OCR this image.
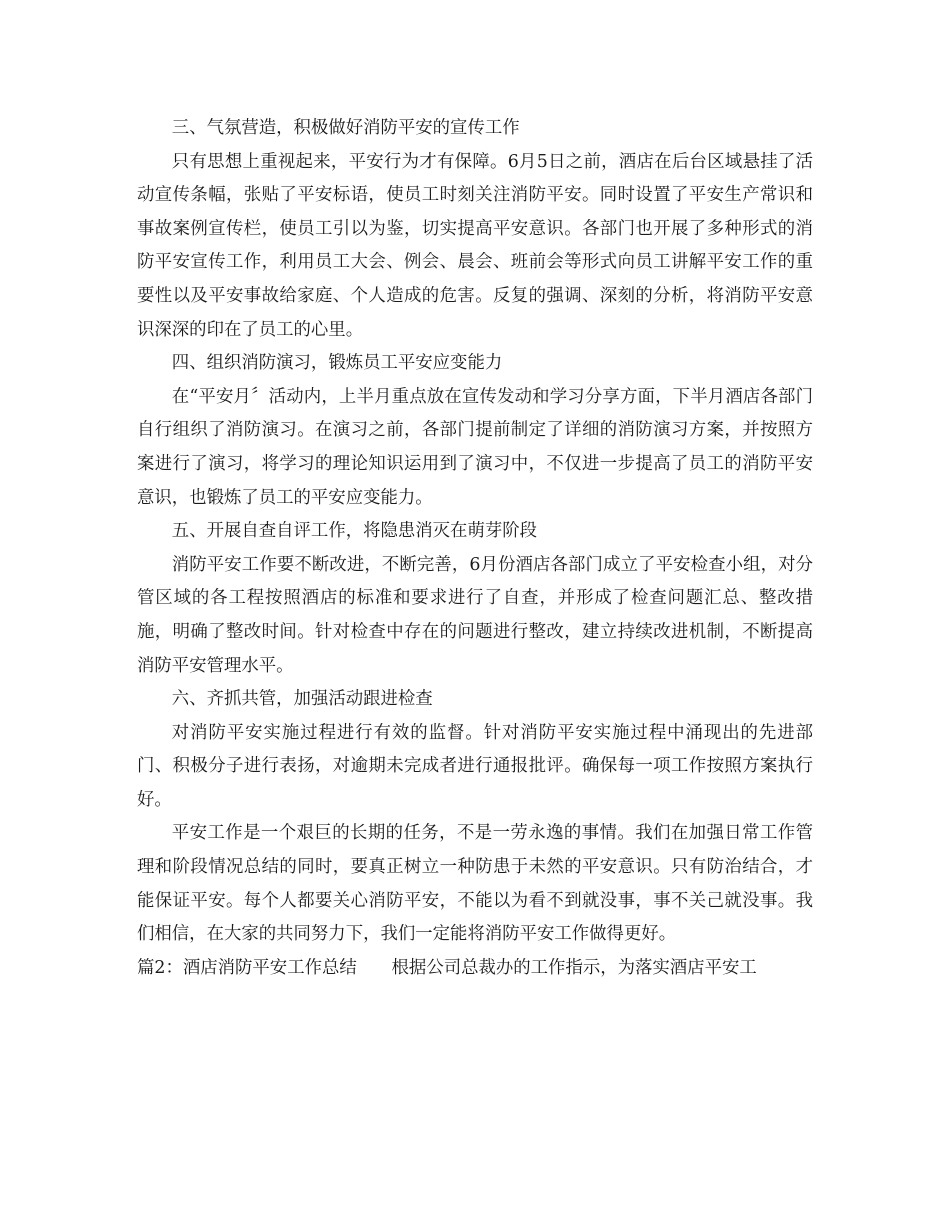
三、气氛营造，积极做好消防平安的宣传工作

只有思想上重视起来，平安行为才有保障。6月5日之前，酒店在后台区域悬挂了活动宣传条幅，张贴了平安标语，使员工时刻关注消防平安。同时设置了平安生产常识和事故案例宣传栏，使员工引以为鉴，切实提高平安意识。各部门也开展了多种形式的消防平安宣传工作，利用员工大会、例会、晨会、班前会等形式向员工讲解平安工作的重要性以及平安事故给家庭、个人造成的危害。反复的强调、深刻的分析，将消防平安意识深深的印在了员工的心里。

四、组织消防演习，锻炼员工平安应变能力

在“平安月〞活动内，上半月重点放在宣传发动和学习分享方面，下半月酒店各部门自行组织了消防演习。在演习之前，各部门提前制定了详细的消防演习方案，并按照方案进行了演习，将学习的理论知识运用到了演习中，不仅进一步提高了员工的消防平安意识，也锻炼了员工的平安应变能力。

五、开展自查自评工作，将隐患消灭在萌芽阶段

消防平安工作要不断改进，不断完善，6月份酒店各部门成立了平安检查小组，对分管区域的各工程按照酒店的标准和要求进行了自查，并形成了检查问题汇总、整改措施，明确了整改时间。针对检查中存在的问题进行整改，建立持续改进机制，不断提高消防平安管理水平。

六、齐抓共管，加强活动跟进检查

对消防平安实施过程进行有效的监督。针对消防平安实施过程中涌现出的先进部门、积极分子进行表扬，对逾期未完成者进行通报批评。确保每一项工作按照方案执行好。

平安工作是一个艰巨的长期的任务，不是一劳永逸的事情。我们在加强日常工作管理和阶段情况总结的同时，要真正树立一种防患于未然的平安意识。只有防治结合，才能保证平安。每个人都要关心消防平安，不能以为看不到就没事，事不关己就没事。我们相信，在大家的共同努力下，我们一定能将消防平安工作做得更好。

篇2：酒店消防平安工作总结　　根据公司总裁办的工作指示，为落实酒店平安工
